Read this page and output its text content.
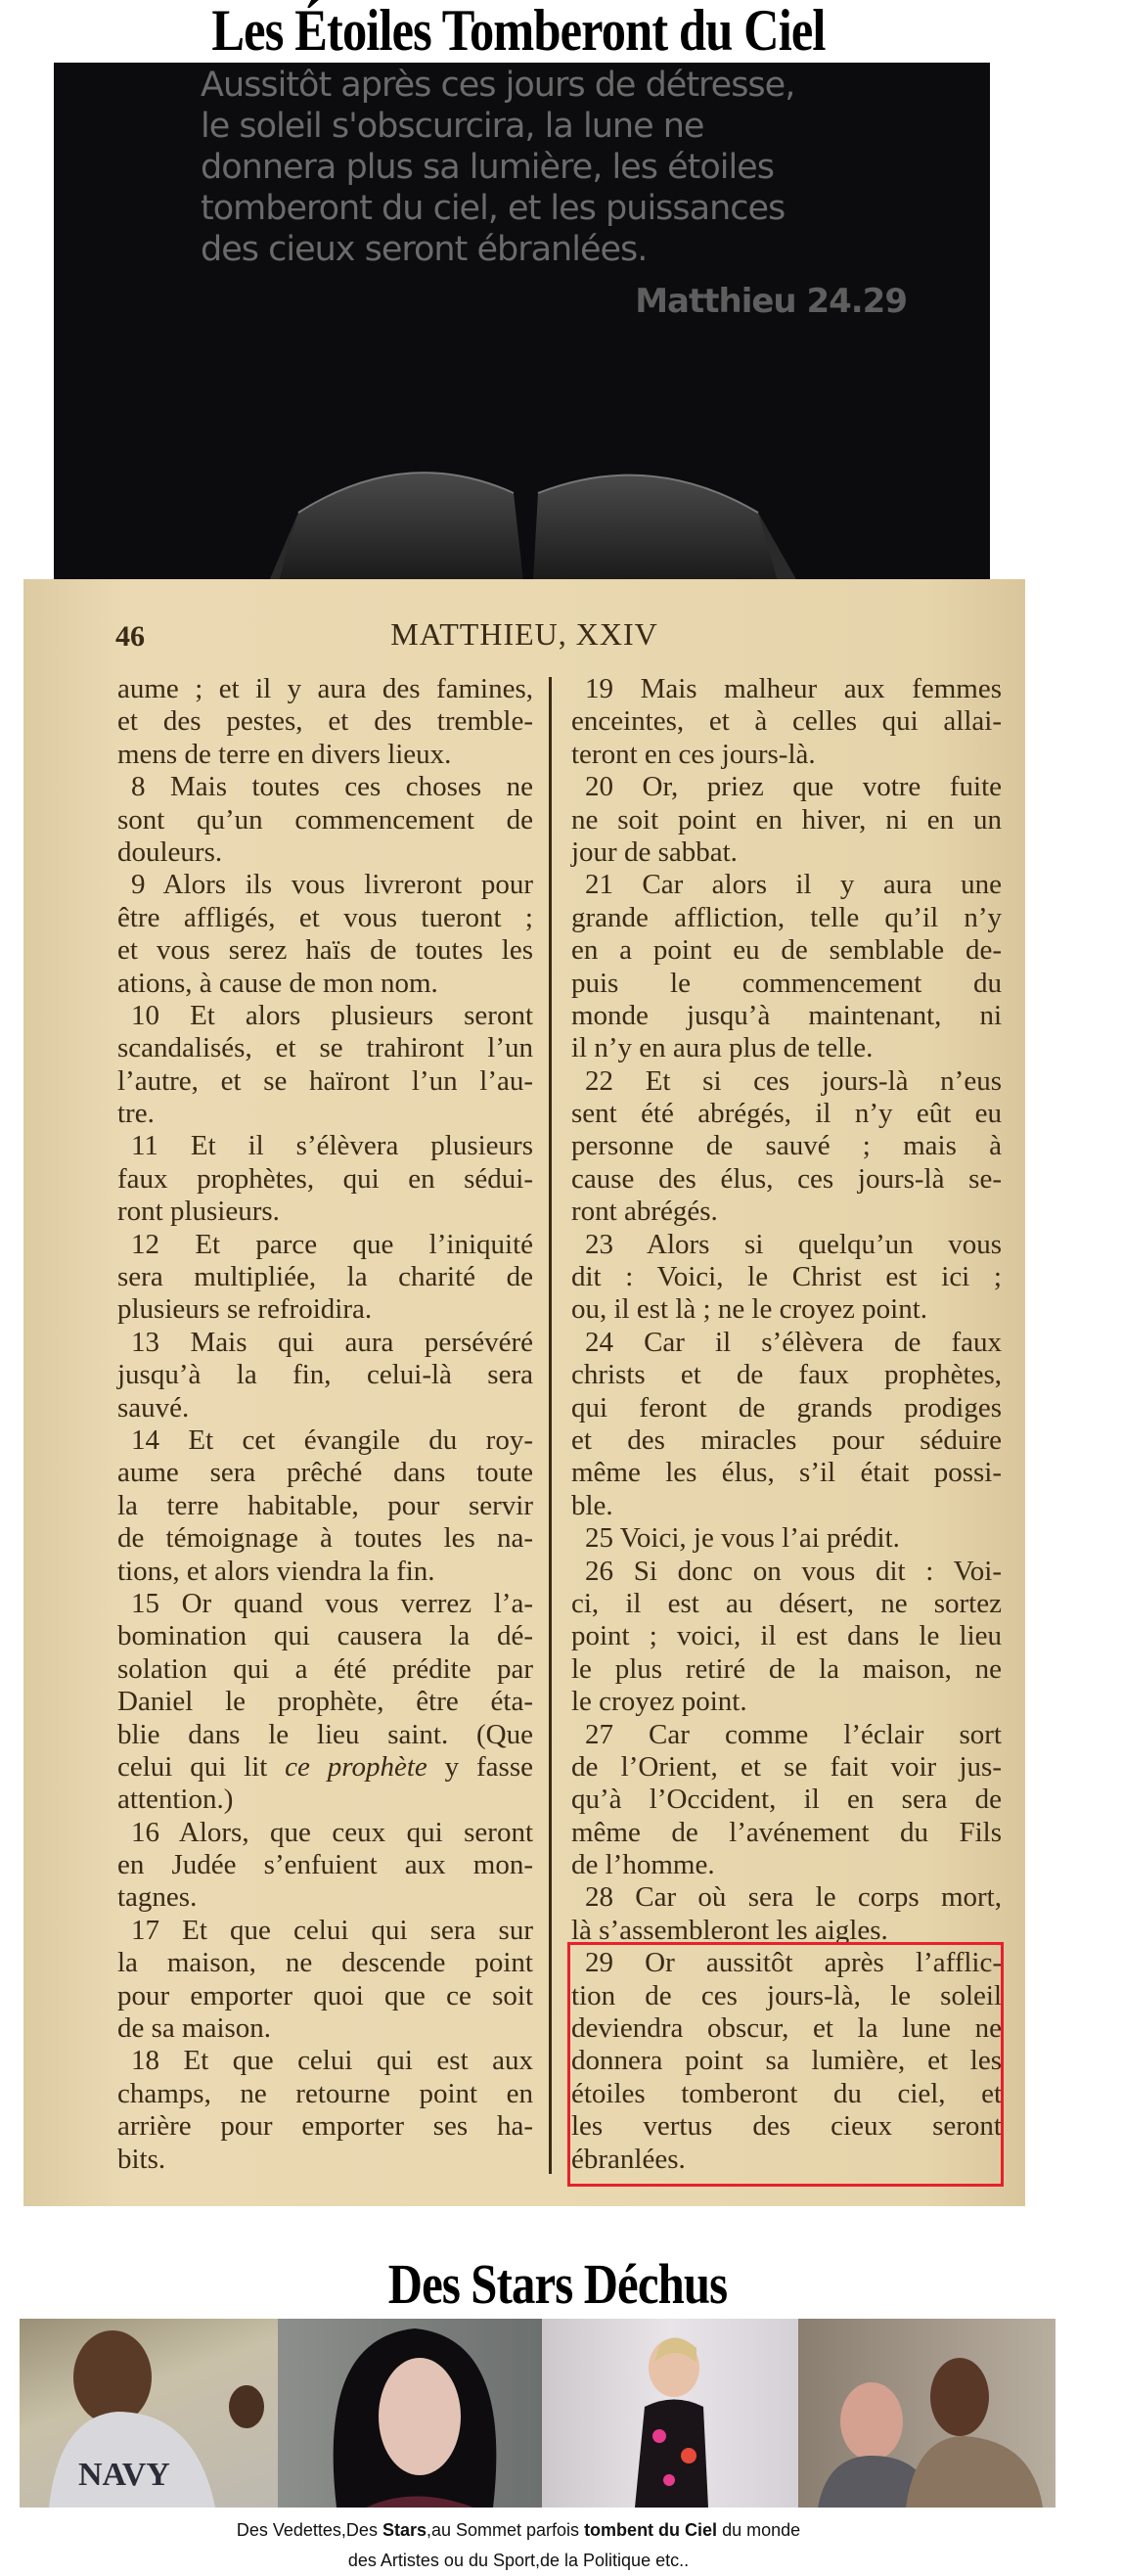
Les Étoiles Tomberont du Ciel
Aussitôt après ces jours de détresse,
le soleil s'obscurcira, la lune ne
donnera plus sa lumière, les étoiles
tomberont du ciel, et les puissances
des cieux seront ébranlées.
Matthieu 24.29
46	MATTHIEU, XXIV
aume ; et il y aura des famines,
et des pestes, et des tremble-
mens de terre en divers lieux.
8 Mais toutes ces choses ne
sont qu’un commencement de
douleurs.
9 Alors ils vous livreront pour
être affligés, et vous tueront ;
et vous serez haïs de toutes les
ations, à cause de mon nom.
10 Et alors plusieurs seront
scandalisés, et se trahiront l’un
l’autre, et se haïront l’un l’au-
tre.
11 Et il s’élèvera plusieurs
faux prophètes, qui en sédui-
ront plusieurs.
12 Et parce que l’iniquité
sera multipliée, la charité de
plusieurs se refroidira.
13 Mais qui aura persévéré
jusqu’à la fin, celui-là sera
sauvé.
14 Et cet évangile du roy-
aume sera prêché dans toute
la terre habitable, pour servir
de témoignage à toutes les na-
tions, et alors viendra la fin.
15 Or quand vous verrez l’a-
bomination qui causera la dé-
solation qui a été prédite par
Daniel le prophète, être éta-
blie dans le lieu saint. (Que
celui qui lit ce prophète y fasse
attention.)
16 Alors, que ceux qui seront
en Judée s’enfuient aux mon-
tagnes.
17 Et que celui qui sera sur
la maison, ne descende point
pour emporter quoi que ce soit
de sa maison.
18 Et que celui qui est aux
champs, ne retourne point en
arrière pour emporter ses ha-
bits.
19 Mais malheur aux femmes
enceintes, et à celles qui allai-
teront en ces jours-là.
20 Or, priez que votre fuite
ne soit point en hiver, ni en un
jour de sabbat.
21 Car alors il y aura une
grande affliction, telle qu’il n’y
en a point eu de semblable de-
puis le commencement du
monde jusqu’à maintenant, ni
il n’y en aura plus de telle.
22 Et si ces jours-là n’eus
sent été abrégés, il n’y eût eu
personne de sauvé ; mais à
cause des élus, ces jours-là se-
ront abrégés.
23 Alors si quelqu’un vous
dit : Voici, le Christ est ici ;
ou, il est là ; ne le croyez point.
24 Car il s’élèvera de faux
christs et de faux prophètes,
qui feront de grands prodiges
et des miracles pour séduire
même les élus, s’il était possi-
ble.
25 Voici, je vous l’ai prédit.
26 Si donc on vous dit : Voi-
ci, il est au désert, ne sortez
point ; voici, il est dans le lieu
le plus retiré de la maison, ne
le croyez point.
27 Car comme l’éclair sort
de l’Orient, et se fait voir jus-
qu’à l’Occident, il en sera de
même de l’avénement du Fils
de l’homme.
28 Car où sera le corps mort,
là s’assembleront les aigles.
29 Or aussitôt après l’afflic-
tion de ces jours-là, le soleil
deviendra obscur, et la lune ne
donnera point sa lumière, et les
étoiles tomberont du ciel, et
les vertus des cieux seront
ébranlées.
Des Stars Déchus
NAVY
Des Vedettes,Des Stars,au Sommet parfois tombent du Ciel du monde
des Artistes ou du Sport,de la Politique etc..
